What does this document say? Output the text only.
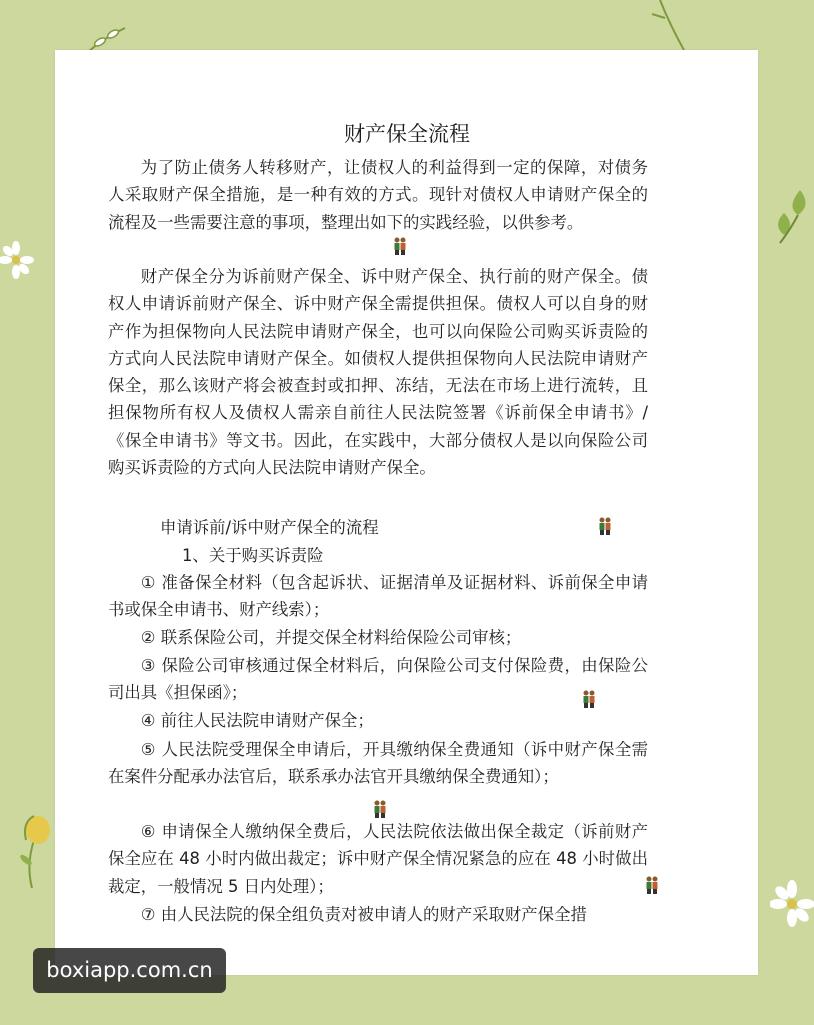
财产保全流程

为了防止债务人转移财产，让债权人的利益得到一定的保障，对债务人采取财产保全措施，是一种有效的方式。现针对债权人申请财产保全的流程及一些需要注意的事项，整理出如下的实践经验，以供参考。

财产保全分为诉前财产保全、诉中财产保全、执行前的财产保全。债权人申请诉前财产保全、诉中财产保全需提供担保。债权人可以自身的财产作为担保物向人民法院申请财产保全，也可以向保险公司购买诉责险的方式向人民法院申请财产保全。如债权人提供担保物向人民法院申请财产保全，那么该财产将会被查封或扣押、冻结，无法在市场上进行流转，且担保物所有权人及债权人需亲自前往人民法院签署《诉前保全申请书》/《保全申请书》等文书。因此，在实践中，大部分债权人是以向保险公司购买诉责险的方式向人民法院申请财产保全。

申请诉前/诉中财产保全的流程

1、关于购买诉责险

① 准备保全材料（包含起诉状、证据清单及证据材料、诉前保全申请书或保全申请书、财产线索）；

② 联系保险公司，并提交保全材料给保险公司审核；

③ 保险公司审核通过保全材料后，向保险公司支付保险费，由保险公司出具《担保函》；

④ 前往人民法院申请财产保全；

⑤ 人民法院受理保全申请后，开具缴纳保全费通知（诉中财产保全需在案件分配承办法官后，联系承办法官开具缴纳保全费通知）；

⑥ 申请保全人缴纳保全费后，人民法院依法做出保全裁定（诉前财产保全应在 48 小时内做出裁定；诉中财产保全情况紧急的应在 48 小时做出裁定，一般情况 5 日内处理）；

⑦ 由人民法院的保全组负责对被申请人的财产采取财产保全措

boxiapp.com.cn
